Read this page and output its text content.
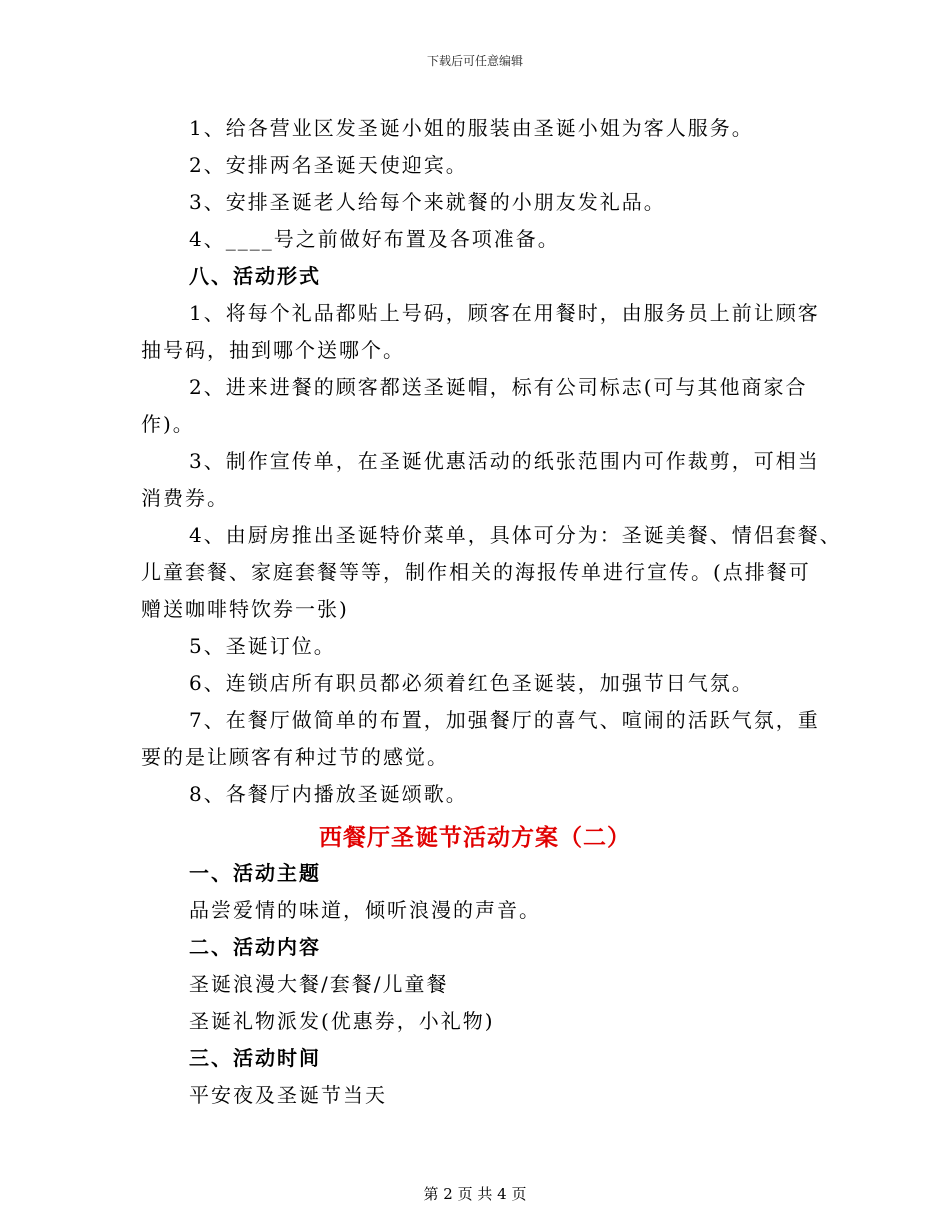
下载后可任意编辑
1、给各营业区发圣诞小姐的服装由圣诞小姐为客人服务。
2、安排两名圣诞天使迎宾。
3、安排圣诞老人给每个来就餐的小朋友发礼品。
4、____号之前做好布置及各项准备。
八、活动形式
1、将每个礼品都贴上号码，顾客在用餐时，由服务员上前让顾客
抽号码，抽到哪个送哪个。
2、进来进餐的顾客都送圣诞帽，标有公司标志(可与其他商家合
作)。
3、制作宣传单，在圣诞优惠活动的纸张范围内可作裁剪，可相当
消费券。
4、由厨房推出圣诞特价菜单，具体可分为：圣诞美餐、情侣套餐、
儿童套餐、家庭套餐等等，制作相关的海报传单进行宣传。(点排餐可
赠送咖啡特饮券一张)
5、圣诞订位。
6、连锁店所有职员都必须着红色圣诞装，加强节日气氛。
7、在餐厅做简单的布置，加强餐厅的喜气、喧闹的活跃气氛，重
要的是让顾客有种过节的感觉。
8、各餐厅内播放圣诞颂歌。
西餐厅圣诞节活动方案（二）
一、活动主题
品尝爱情的味道，倾听浪漫的声音。
二、活动内容
圣诞浪漫大餐/套餐/儿童餐
圣诞礼物派发(优惠券，小礼物)
三、活动时间
平安夜及圣诞节当天
第 2 页 共 4 页
